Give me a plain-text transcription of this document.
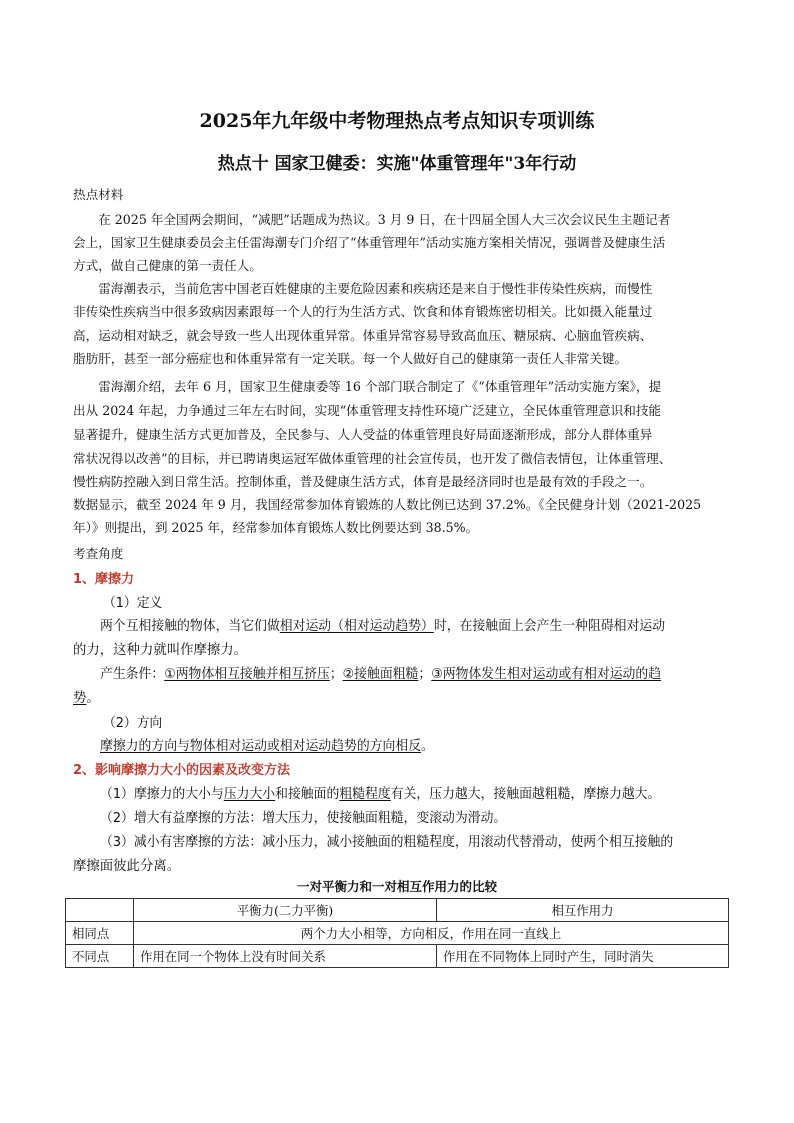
2025年九年级中考物理热点考点知识专项训练
热点十 国家卫健委：实施"体重管理年"3年行动
热点材料
　　在 2025 年全国两会期间，“减肥”话题成为热议。3 月 9 日，在十四届全国人大三次会议民生主题记者
会上，国家卫生健康委员会主任雷海潮专门介绍了“体重管理年”活动实施方案相关情况，强调普及健康生活
方式，做自己健康的第一责任人。
　　雷海潮表示，当前危害中国老百姓健康的主要危险因素和疾病还是来自于慢性非传染性疾病，而慢性
非传染性疾病当中很多致病因素跟每一个人的行为生活方式、饮食和体育锻炼密切相关。比如摄入能量过
高，运动相对缺乏，就会导致一些人出现体重异常。体重异常容易导致高血压、糖尿病、心脑血管疾病、
脂肪肝，甚至一部分癌症也和体重异常有一定关联。每一个人做好自己的健康第一责任人非常关键。
　　雷海潮介绍，去年 6 月，国家卫生健康委等 16 个部门联合制定了《“体重管理年”活动实施方案》，提
出从 2024 年起，力争通过三年左右时间，实现“体重管理支持性环境广泛建立，全民体重管理意识和技能
显著提升，健康生活方式更加普及，全民参与、人人受益的体重管理良好局面逐渐形成，部分人群体重异
常状况得以改善”的目标，并已聘请奥运冠军做体重管理的社会宣传员，也开发了微信表情包，让体重管理、
慢性病防控融入到日常生活。控制体重，普及健康生活方式，体育是最经济同时也是最有效的手段之一。
数据显示，截至 2024 年 9 月，我国经常参加体育锻炼的人数比例已达到 37.2%。《全民健身计划（2021-2025
年）》则提出，到 2025 年，经常参加体育锻炼人数比例要达到 38.5%。
考查角度
1、摩擦力
（1）定义
两个互相接触的物体，当它们做相对运动（相对运动趋势）时，在接触面上会产生一种阻碍相对运动
的力，这种力就叫作摩擦力。
产生条件：①两物体相互接触并相互挤压；②接触面粗糙；③两物体发生相对运动或有相对运动的趋
势。
（2）方向
摩擦力的方向与物体相对运动或相对运动趋势的方向相反。
2、影响摩擦力大小的因素及改变方法
（1）摩擦力的大小与压力大小和接触面的粗糙程度有关，压力越大，接触面越粗糙，摩擦力越大。
（2）增大有益摩擦的方法：增大压力，使接触面粗糙，变滚动为滑动。
（3）减小有害摩擦的方法：减小压力，减小接触面的粗糙程度，用滚动代替滑动，使两个相互接触的
摩擦面彼此分离。
一对平衡力和一对相互作用力的比较
	平衡力(二力平衡)	相互作用力
相同点	两个力大小相等，方向相反，作用在同一直线上	
不同点	作用在同一个物体上没有时间关系	作用在不同物体上同时产生，同时消失
